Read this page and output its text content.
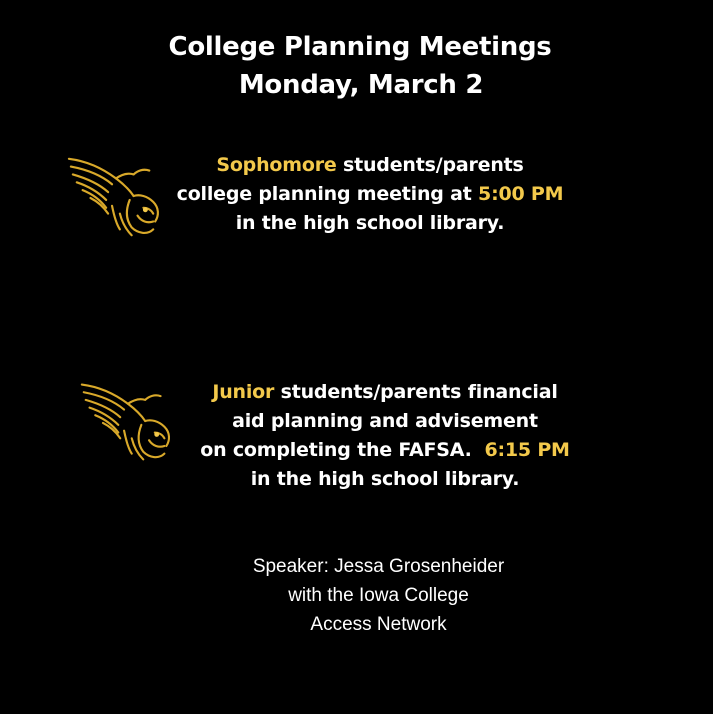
College Planning Meetings
Monday, March 2
Sophomore students/parents
college planning meeting at 5:00 PM
in the high school library.
Junior students/parents financial
aid planning and advisement
on completing the FAFSA.  6:15 PM
in the high school library.
Speaker: Jessa Grosenheider
with the Iowa College
Access Network
